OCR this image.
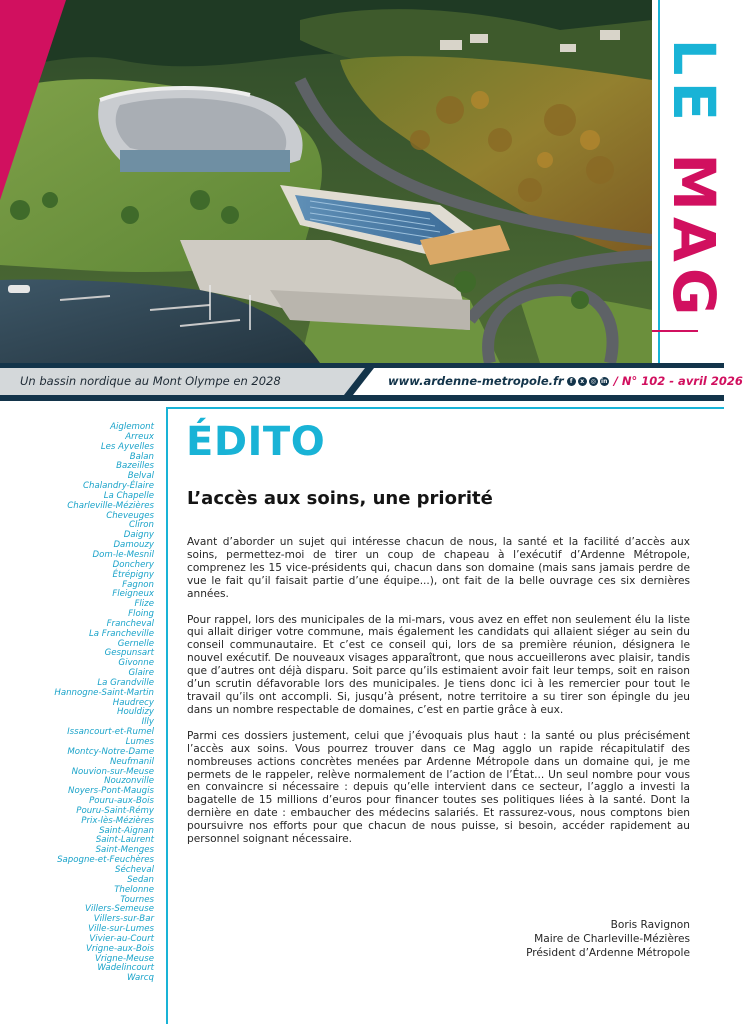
LE MAG
Un bassin nordique au Mont Olympe en 2028	www.ardenne-metropole.fr	f	x	◎ in / N° 102 - avril 2026
Aiglemont
Arreux
Les Ayvelles
Balan
Bazeilles
Belval
Chalandry-Élaire
La Chapelle
Charleville-Mézières
Cheveuges
Cliron
Daigny
Damouzy
Dom-le-Mesnil
Donchery
Étrépigny
Fagnon
Fleigneux
Flize
Floing
Francheval
La Francheville
Gernelle
Gespunsart
Givonne
Glaire
La Grandville
Hannogne-Saint-Martin
Haudrecy
Houldizy
Illy
Issancourt-et-Rumel
Lumes
Montcy-Notre-Dame
Neufmanil
Nouvion-sur-Meuse
Nouzonville
Noyers-Pont-Maugis
Pouru-aux-Bois
Pouru-Saint-Rémy
Prix-lès-Mézières
Saint-Aignan
Saint-Laurent
Saint-Menges
Sapogne-et-Feuchères
Sécheval
Sedan
Thelonne
Tournes
Villers-Semeuse
Villers-sur-Bar
Ville-sur-Lumes
Vivier-au-Court
Vrigne-aux-Bois
Vrigne-Meuse
Wadelincourt
Warcq
ÉDITO
L’accès aux soins, une priorité

Avant d’aborder un sujet qui intéresse chacun de nous, la santé et la facilité d’accès aux soins, permettez-moi de tirer un coup de chapeau à l’exécutif d’Ardenne Métropole, comprenez les 15 vice-présidents qui, chacun dans son domaine (mais sans jamais perdre de vue le fait qu’il faisait partie d’une équipe...), ont fait de la belle ouvrage ces six dernières années.

Pour rappel, lors des municipales de la mi-mars, vous avez en effet non seulement élu la liste qui allait diriger votre commune, mais également les candidats qui allaient siéger au sein du conseil communautaire. Et c’est ce conseil qui, lors de sa première réunion, désignera le nouvel exécutif. De nouveaux visages apparaîtront, que nous accueillerons avec plaisir, tandis que d’autres ont déjà disparu. Soit parce qu’ils estimaient avoir fait leur temps, soit en raison d’un scrutin défavorable lors des municipales. Je tiens donc ici à les remercier pour tout le travail qu’ils ont accompli. Si, jusqu’à présent, notre territoire a su tirer son épingle du jeu dans un nombre respectable de domaines, c’est en partie grâce à eux.

Parmi ces dossiers justement, celui que j’évoquais plus haut : la santé ou plus précisément l’accès aux soins. Vous pourrez trouver dans ce Mag agglo un rapide récapitulatif des nombreuses actions concrètes menées par Ardenne Métropole dans un domaine qui, je me permets de le rappeler, relève normalement de l’action de l’État... Un seul nombre pour vous en convaincre si nécessaire : depuis qu’elle intervient dans ce secteur, l’agglo a investi la bagatelle de 15 millions d’euros pour financer toutes ses politiques liées à la santé. Dont la dernière en date : embaucher des médecins salariés. Et rassurez-vous, nous comptons bien poursuivre nos efforts pour que chacun de nous puisse, si besoin, accéder rapidement au personnel soignant nécessaire.

Boris Ravignon
Maire de Charleville-Mézières
Président d’Ardenne Métropole
